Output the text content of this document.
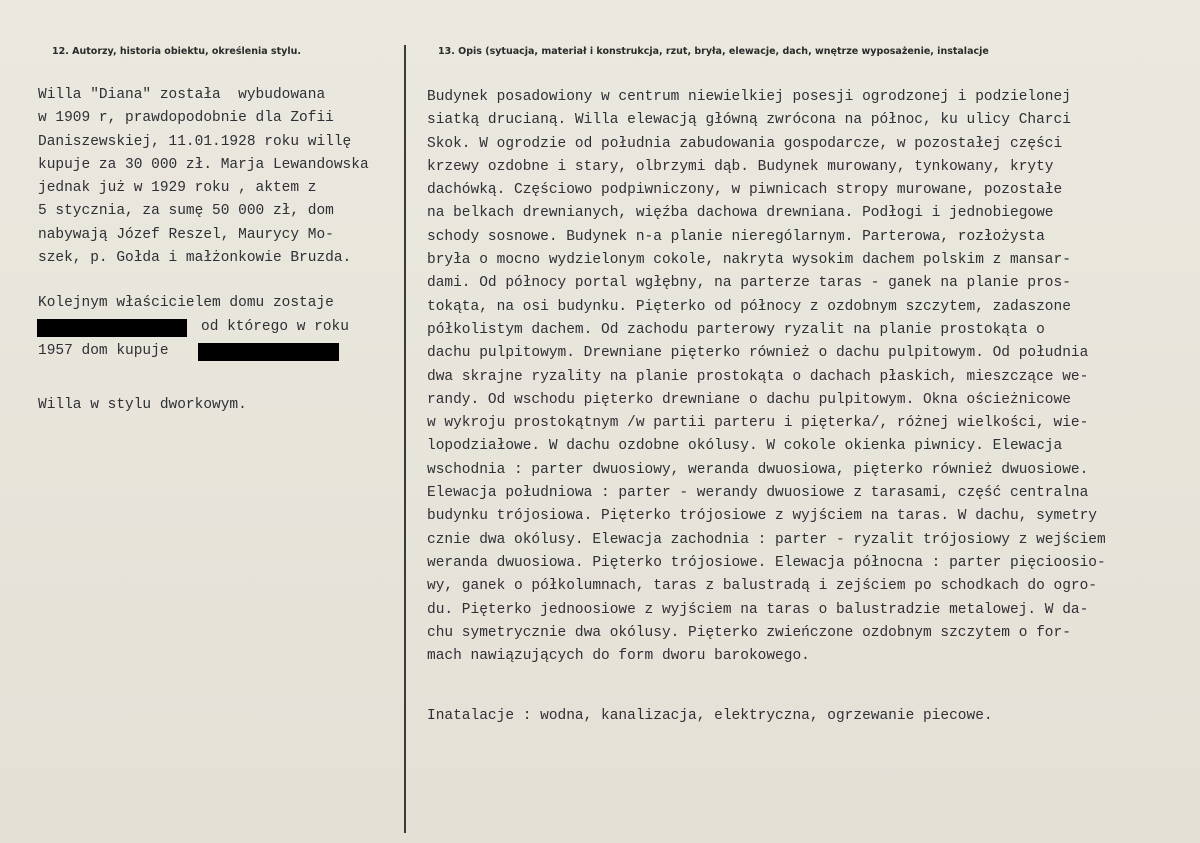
12. Autorzy, historia obiektu, określenia stylu.	13. Opis (sytuacja, materiał i konstrukcja, rzut, bryła, elewacje, dach, wnętrze wyposażenie, instalacje
Willa "Diana" została  wybudowana
w 1909 r, prawdopodobnie dla Zofii
Daniszewskiej, 11.01.1928 roku willę
kupuje za 30 000 zł. Marja Lewandowska
jednak już w 1929 roku , aktem z
5 stycznia, za sumę 50 000 zł, dom
nabywają Józef Reszel, Maurycy Mo-
szek, p. Gołda i małżonkowie Bruzda.
Kolejnym właścicielem domu zostaje
od którego w roku
1957 dom kupuje
Willa w stylu dworkowym.
Budynek posadowiony w centrum niewielkiej posesji ogrodzonej i podzielonej
siatką drucianą. Willa elewacją główną zwrócona na północ, ku ulicy Charci
Skok. W ogrodzie od południa zabudowania gospodarcze, w pozostałej części
krzewy ozdobne i stary, olbrzymi dąb. Budynek murowany, tynkowany, kryty
dachówką. Częściowo podpiwniczony, w piwnicach stropy murowane, pozostałe
na belkach drewnianych, więźba dachowa drewniana. Podłogi i jednobiegowe
schody sosnowe. Budynek n-a planie nierególarnym. Parterowa, rozłożysta
bryła o mocno wydzielonym cokole, nakryta wysokim dachem polskim z mansar-
dami. Od północy portal wgłębny, na parterze taras - ganek na planie pros-
tokąta, na osi budynku. Pięterko od północy z ozdobnym szczytem, zadaszone
półkolistym dachem. Od zachodu parterowy ryzalit na planie prostokąta o
dachu pulpitowym. Drewniane pięterko również o dachu pulpitowym. Od południa
dwa skrajne ryzality na planie prostokąta o dachach płaskich, mieszczące we-
randy. Od wschodu pięterko drewniane o dachu pulpitowym. Okna ościeżnicowe
w wykroju prostokątnym /w partii parteru i pięterka/, różnej wielkości, wie-
lopodziałowe. W dachu ozdobne okólusy. W cokole okienka piwnicy. Elewacja
wschodnia : parter dwuosiowy, weranda dwuosiowa, pięterko również dwuosiowe.
Elewacja południowa : parter - werandy dwuosiowe z tarasami, część centralna
budynku trójosiowa. Pięterko trójosiowe z wyjściem na taras. W dachu, symetry
cznie dwa okólusy. Elewacja zachodnia : parter - ryzalit trójosiowy z wejściem
weranda dwuosiowa. Pięterko trójosiowe. Elewacja północna : parter pięcioosio-
wy, ganek o półkolumnach, taras z balustradą i zejściem po schodkach do ogro-
du. Pięterko jednoosiowe z wyjściem na taras o balustradzie metalowej. W da-
chu symetrycznie dwa okólusy. Pięterko zwieńczone ozdobnym szczytem o for-
mach nawiązujących do form dworu barokowego.
Inatalacje : wodna, kanalizacja, elektryczna, ogrzewanie piecowe.
